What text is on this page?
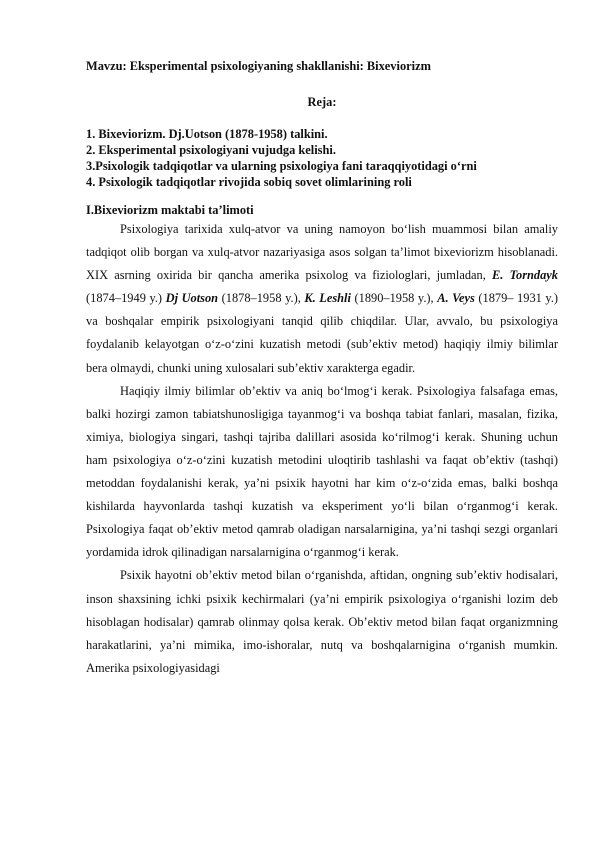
Mavzu: Eksperimental psixologiyaning shakllanishi: Bixeviorizm

Reja:

1. Bixeviorizm. Dj.Uotson (1878-1958) talkini.
2. Eksperimental psixologiyani vujudga kelishi.
3.Psixologik tadqiqotlar va ularning psixologiya fani taraqqiyotidagi o‘rni
4. Psixologik tadqiqotlar rivojida sobiq sovet olimlarining roli

I.Bixeviorizm maktabi ta’limoti

Psixologiya tarixida xulq-atvor va uning namoyon bo‘lish muammosi bilan amaliy tadqiqot olib borgan va xulq-atvor nazariyasiga asos solgan ta’limot bixeviorizm hisoblanadi. XIX asrning oxirida bir qancha amerika psixolog va fiziologlari, jumladan, E. Torndayk (1874–1949 y.) Dj Uotson (1878–1958 y.), K. Leshli (1890–1958 y.), A. Veys (1879– 1931 y.) va boshqalar empirik psixologiyani tanqid qilib chiqdilar. Ular, avvalo, bu psixologiya foydalanib kelayotgan o‘z-o‘zini kuzatish metodi (sub’ektiv metod) haqiqiy ilmiy bilimlar bera olmaydi, chunki uning xulosalari sub’ektiv xarakterga egadir.

Haqiqiy ilmiy bilimlar ob’ektiv va aniq bo‘lmog‘i kerak. Psixologiya falsafaga emas, balki hozirgi zamon tabiatshunosligiga tayanmog‘i va boshqa tabiat fanlari, masalan, fizika, ximiya, biologiya singari, tashqi tajriba dalillari asosida ko‘rilmog‘i kerak. Shuning uchun ham psixologiya o‘z-o‘zini kuzatish metodini uloqtirib tashlashi va faqat ob’ektiv (tashqi) metoddan foydalanishi kerak, ya’ni psixik hayotni har kim o‘z-o‘zida emas, balki boshqa kishilarda hayvonlarda tashqi kuzatish va eksperiment yo‘li bilan o‘rganmog‘i kerak. Psixologiya faqat ob’ektiv metod qamrab oladigan narsalarnigina, ya’ni tashqi sezgi organlari yordamida idrok qilinadigan narsalarnigina o‘rganmog‘i kerak.

Psixik hayotni ob’ektiv metod bilan o‘rganishda, aftidan, ongning sub’ektiv hodisalari, inson shaxsining ichki psixik kechirmalari (ya’ni empirik psixologiya o‘rganishi lozim deb hisoblagan hodisalar) qamrab olinmay qolsa kerak. Ob’ektiv metod bilan faqat organizmning harakatlarini, ya’ni mimika, imo-ishoralar, nutq va boshqalarnigina o‘rganish mumkin. Amerika psixologiyasidagi
